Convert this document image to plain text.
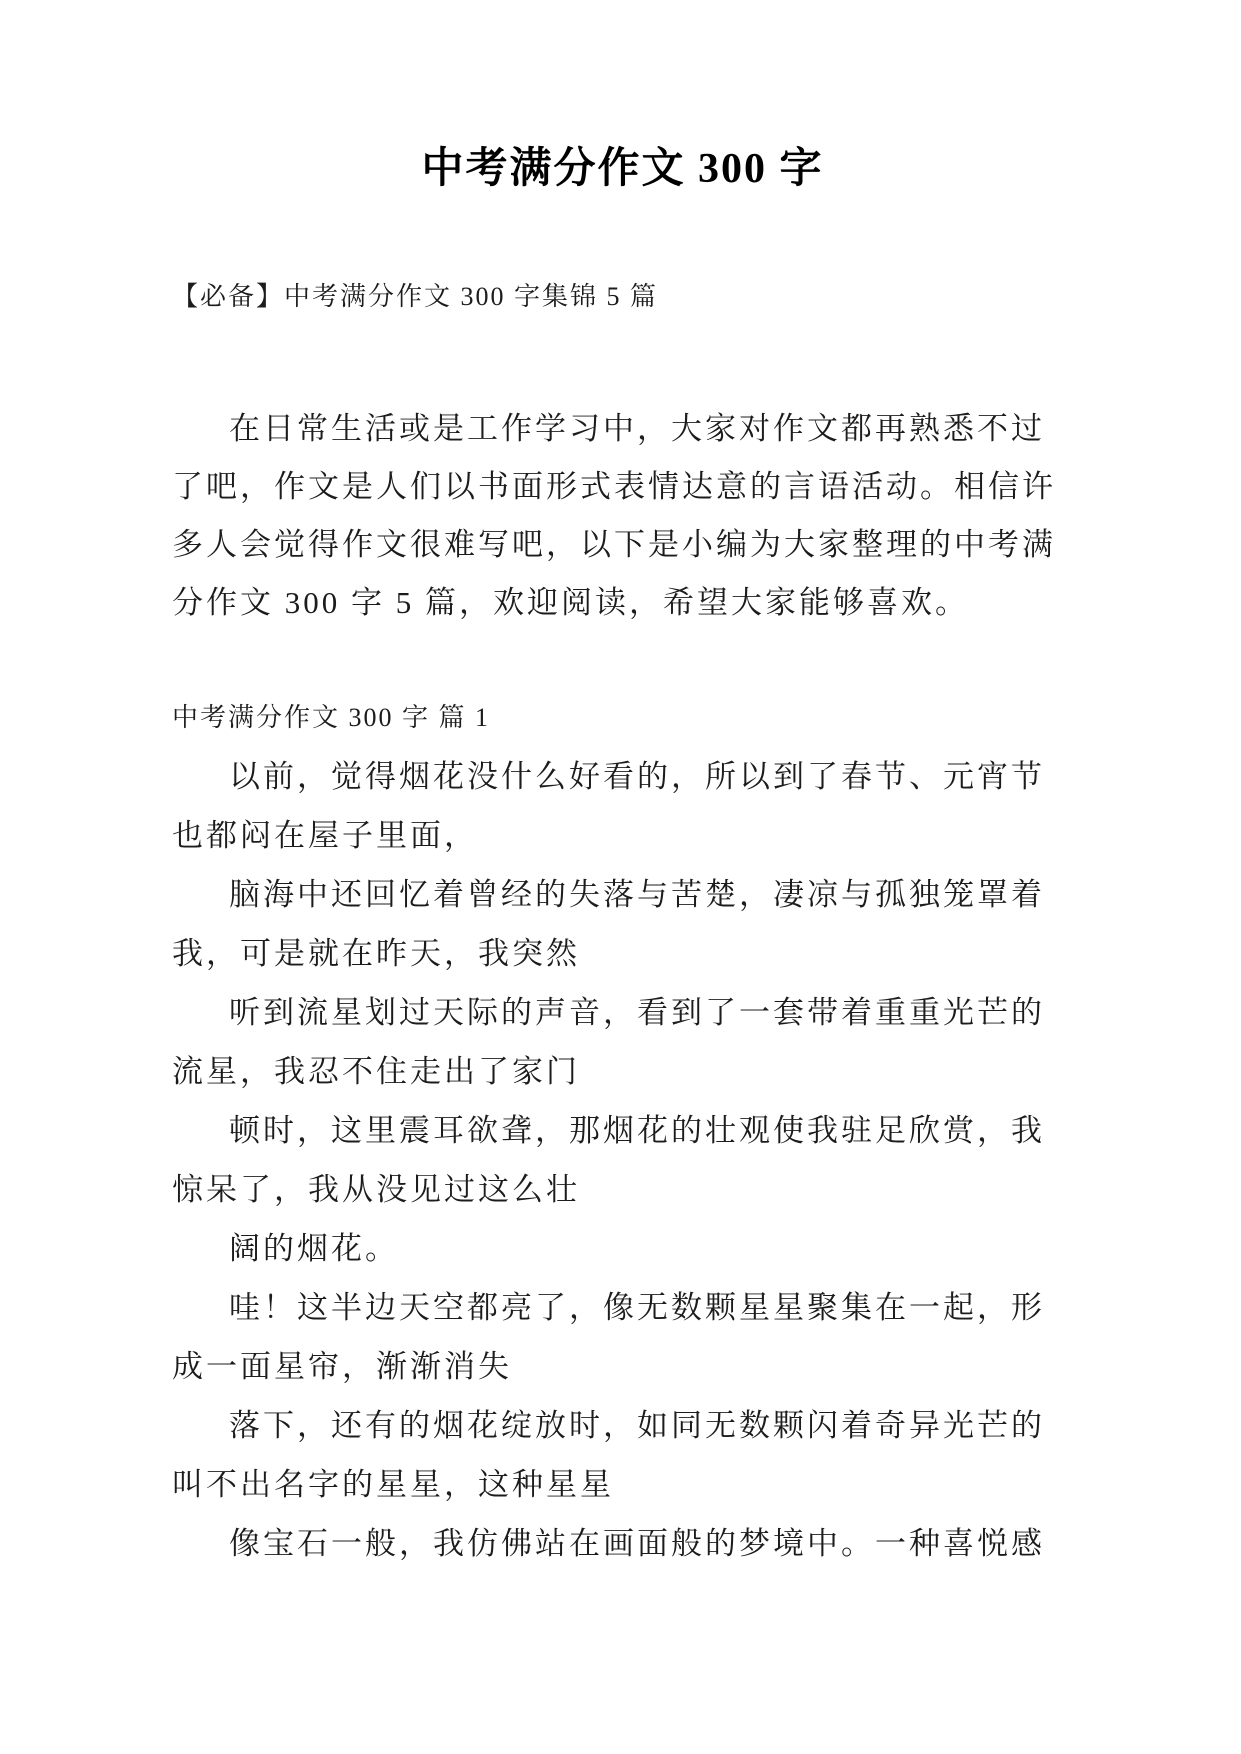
中考满分作文 300 字

【必备】中考满分作文 300 字集锦 5 篇

在日常生活或是工作学习中，大家对作文都再熟悉不过
了吧，作文是人们以书面形式表情达意的言语活动。相信许
多人会觉得作文很难写吧，以下是小编为大家整理的中考满
分作文 300 字 5 篇，欢迎阅读，希望大家能够喜欢。

中考满分作文 300 字 篇 1

以前，觉得烟花没什么好看的，所以到了春节、元宵节
也都闷在屋子里面，
脑海中还回忆着曾经的失落与苦楚，凄凉与孤独笼罩着
我，可是就在昨天，我突然
听到流星划过天际的声音，看到了一套带着重重光芒的
流星，我忍不住走出了家门
顿时，这里震耳欲聋，那烟花的壮观使我驻足欣赏，我
惊呆了，我从没见过这么壮
阔的烟花。
哇！这半边天空都亮了，像无数颗星星聚集在一起，形
成一面星帘，渐渐消失
落下，还有的烟花绽放时，如同无数颗闪着奇异光芒的
叫不出名字的星星，这种星星
像宝石一般，我仿佛站在画面般的梦境中。一种喜悦感
